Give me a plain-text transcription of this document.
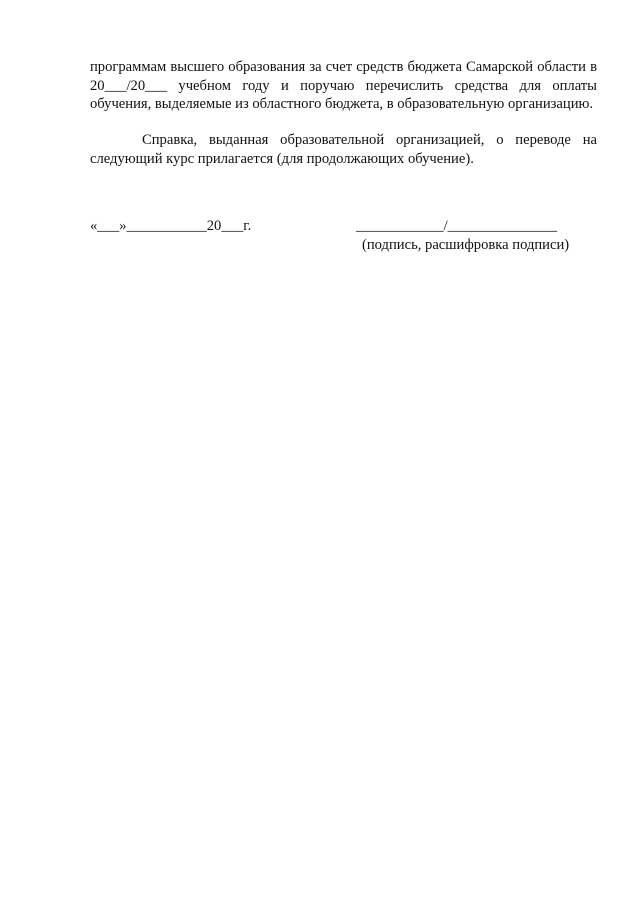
программам высшего образования за счет средств бюджета Самарской области в 20___/20___ учебном году и поручаю перечислить средства для оплаты обучения, выделяемые из областного бюджета, в образовательную организацию.

Справка, выданная образовательной организацией, о переводе на следующий курс прилагается (для продолжающих обучение).

«___»___________20___г.	____________/_______________
(подпись, расшифровка подписи)
